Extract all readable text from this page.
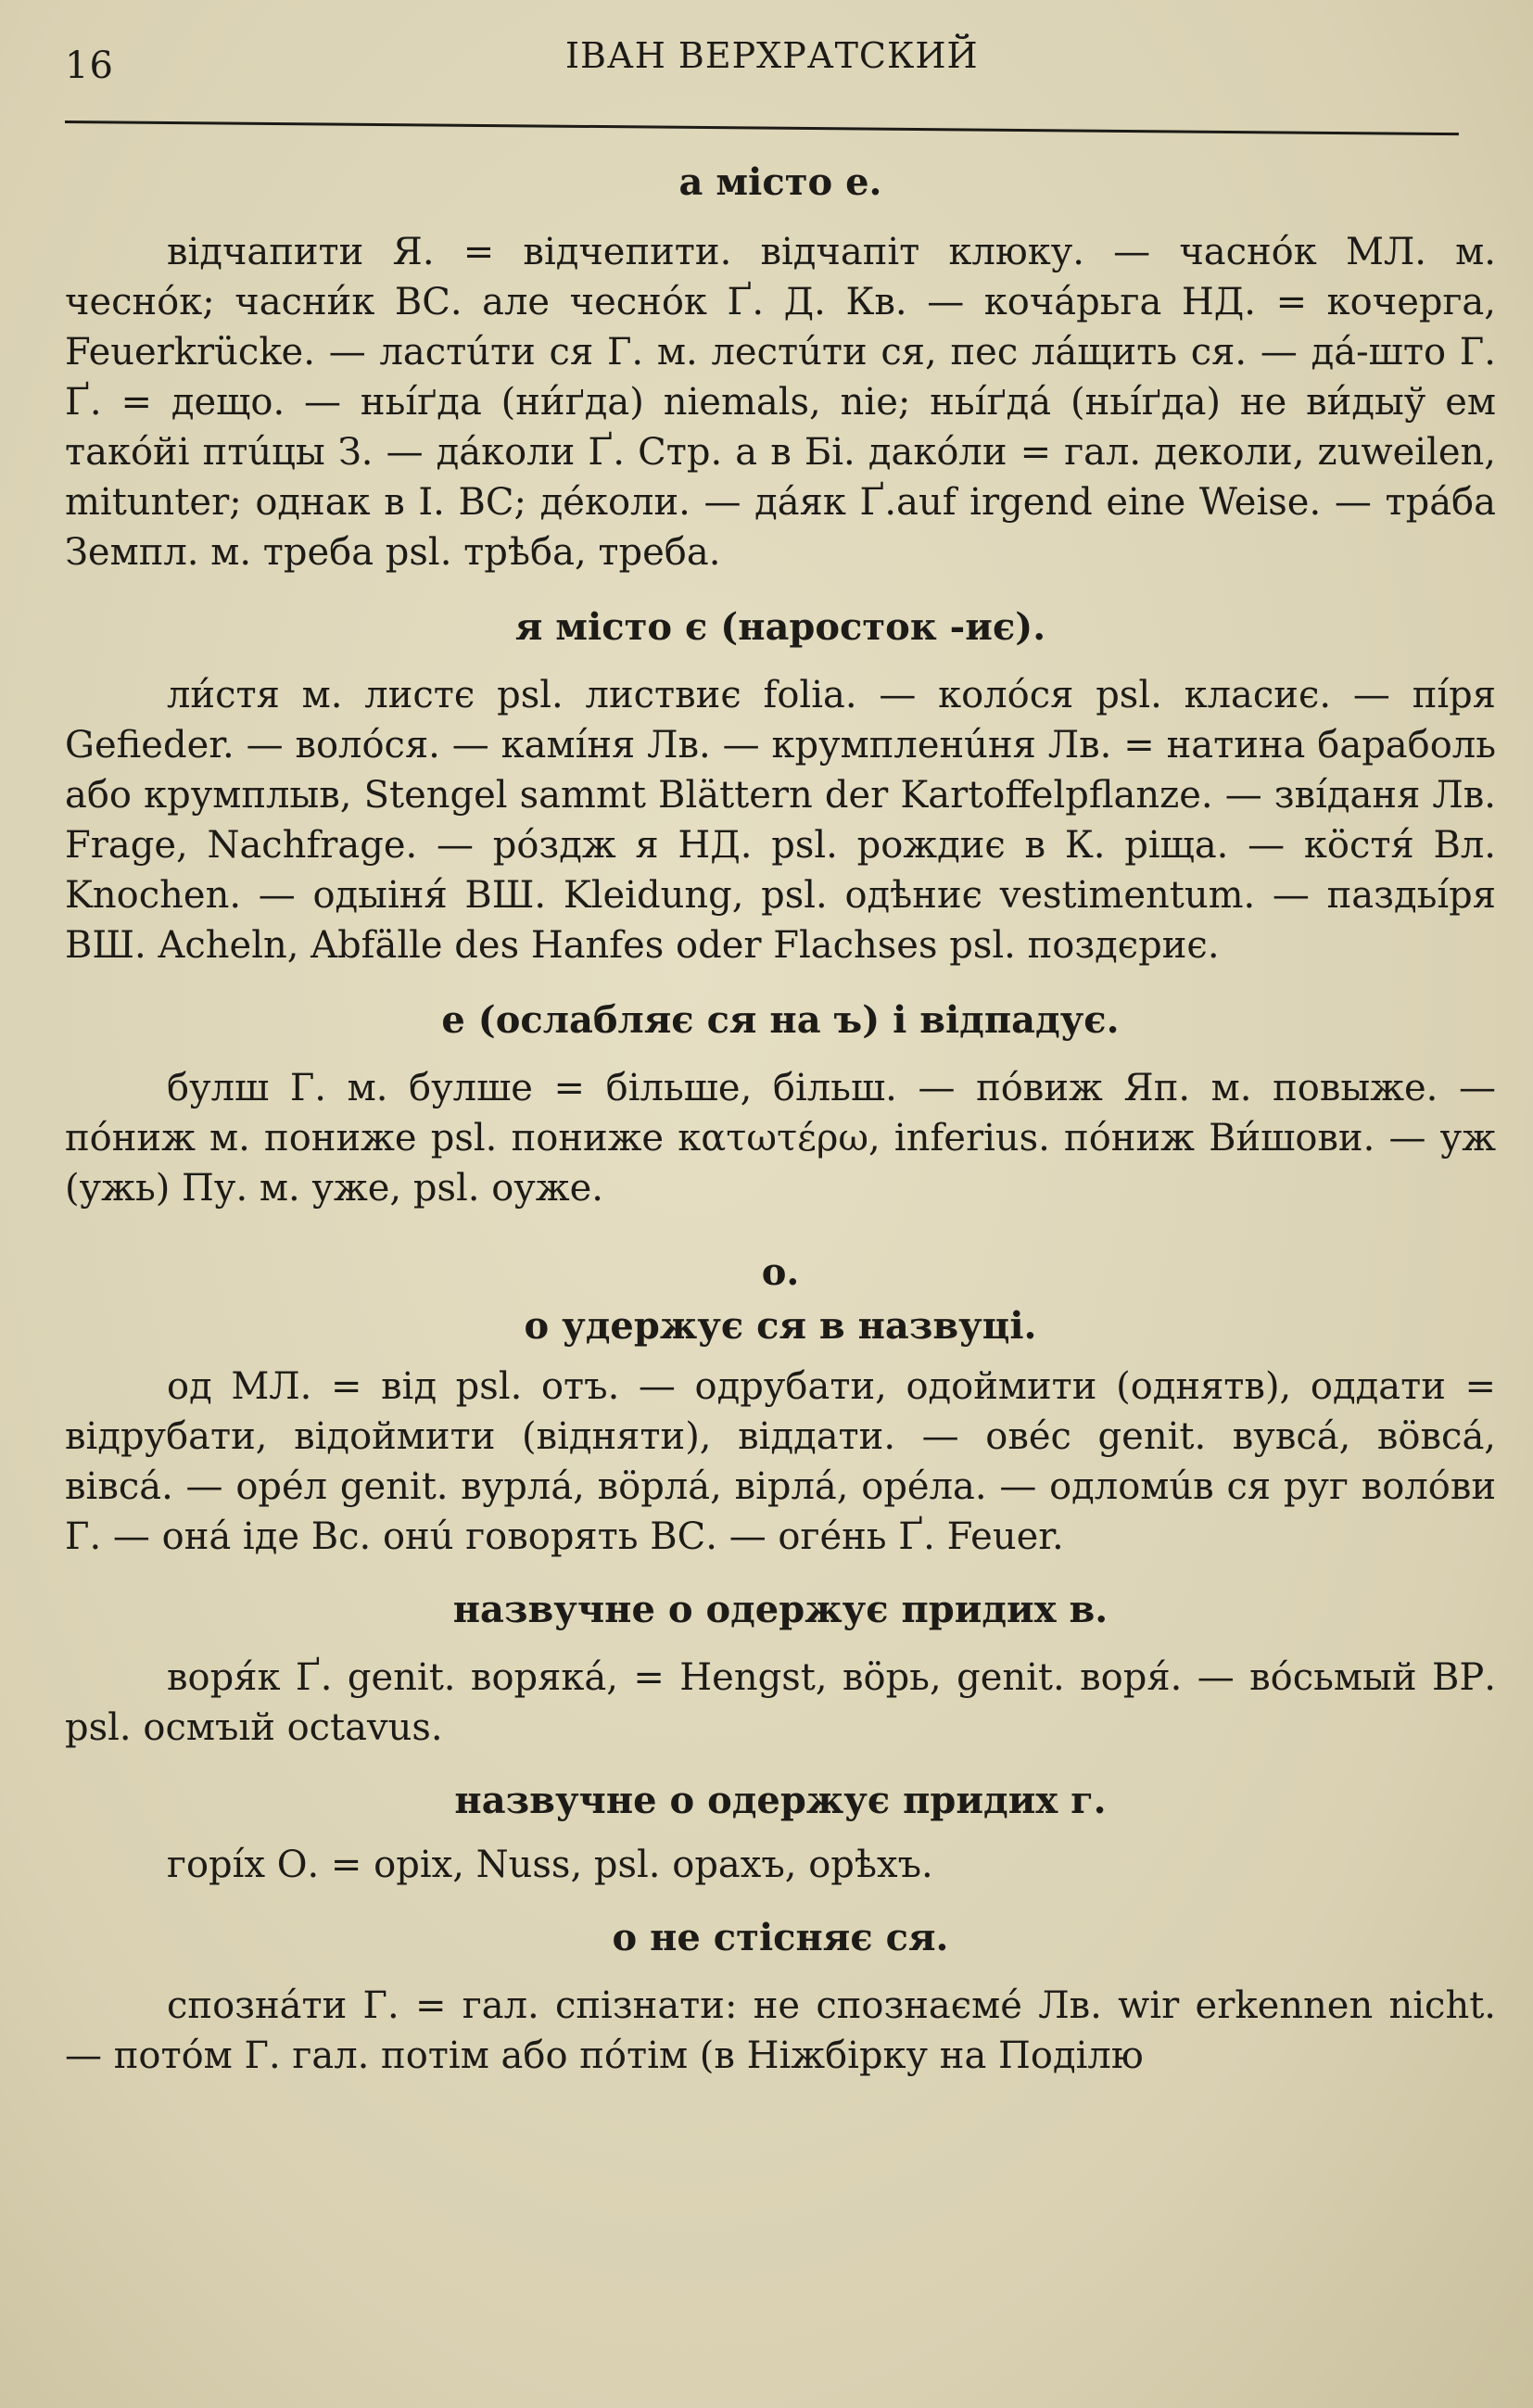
16	ІВАН ВЕРХРАТСКИЙ
а місто е.

відчапити Я. = відчепити. відчапіт клюку. — часнóк МЛ. м. чеснóк; часни́к ВС. але чеснóк Ґ. Д. Кв. — кочáрьга НД. = кочерга, Feuerkrücke. — ластúти ся Г. м. лестúти ся, пес лáщить ся. — дá-што Г. Ґ. = дещо. — ньíґда (ни́ґда) niemals, nie; ньíґдá (ньíґда) не ви́дыў ем такóйі птúцы З. — дáколи Ґ. Стр. а в Бі. дакóли = гал. деколи, zuweilen, mitunter; однак в І. ВС; дéколи. — дáяк Ґ.auf irgend eine Weise. — трáба Земпл. м. треба psl. трѣба, треба.

я місто є (наросток -иє).

ли́стя м. листє psl. листвиє folia. — колóся psl. класиє. — пíря Gefieder. — волóся. — камíня Лв. — крумпленúня Лв. = натина бараболь або крумплыв, Stengel sammt Blättern der Kartoffelpflanze. — звíданя Лв. Frage, Nachfrage. — рóздж я НД. psl. рождиє в К. ріща. — кöстя́ Вл. Knochen. — одыіня́ ВШ. Kleidung, psl. одѣниє vestimentum. — паздьíря ВШ. Acheln, Abfälle des Hanfes oder Flachses psl. поздєриє.

е (ослабляє ся на ъ) і відпадує.

булш Г. м. булше = більше, більш. — пóвиж Яп. м. повыже. — пóниж м. пониже psl. пониже κατωτέρω, inferius. пóниж Ви́шови. — уж (ужь) Пу. м. уже, psl. оуже.

о.
о удержує ся в назвуці.

од МЛ. = від psl. отъ. — одрубати, одоймити (однятв), оддати = відрубати, відоймити (відняти), віддати. — овéс genit. вувсá, вöвсá, вівсá. — орéл genit. вурлá, вöрлá, вірлá, орéла. — одломúв ся руг волóви Г. — онá іде Вс. онú говорять ВС. — огéнь Ґ. Feuer.

назвучне о одержує придих в.

воря́к Ґ. genit. воряка́, = Hengst, вöрь, genit. воря́. — вóсьмый ВР. psl. осмъıй octavus.

назвучне о одержує придих г.

горíх О. = оріх, Nuss, psl. орахъ, орѣхъ.

о не стісняє ся.

спознáти Г. = гал. спізнати: не спознаємé Лв. wir erkennen nicht. — потóм Г. гал. потім або пóтім (в Ніжбірку на Поділю
